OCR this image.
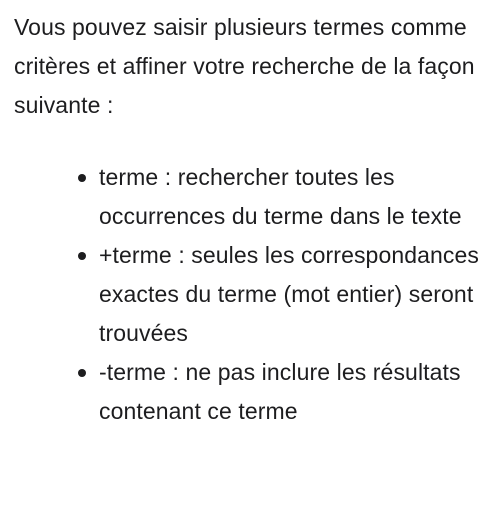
Vous pouvez saisir plusieurs termes comme critères et affiner votre recherche de la façon suivante :

terme : rechercher toutes les occurrences du terme dans le texte
+terme : seules les correspondances exactes du terme (mot entier) seront trouvées
-terme : ne pas inclure les résultats contenant ce terme
